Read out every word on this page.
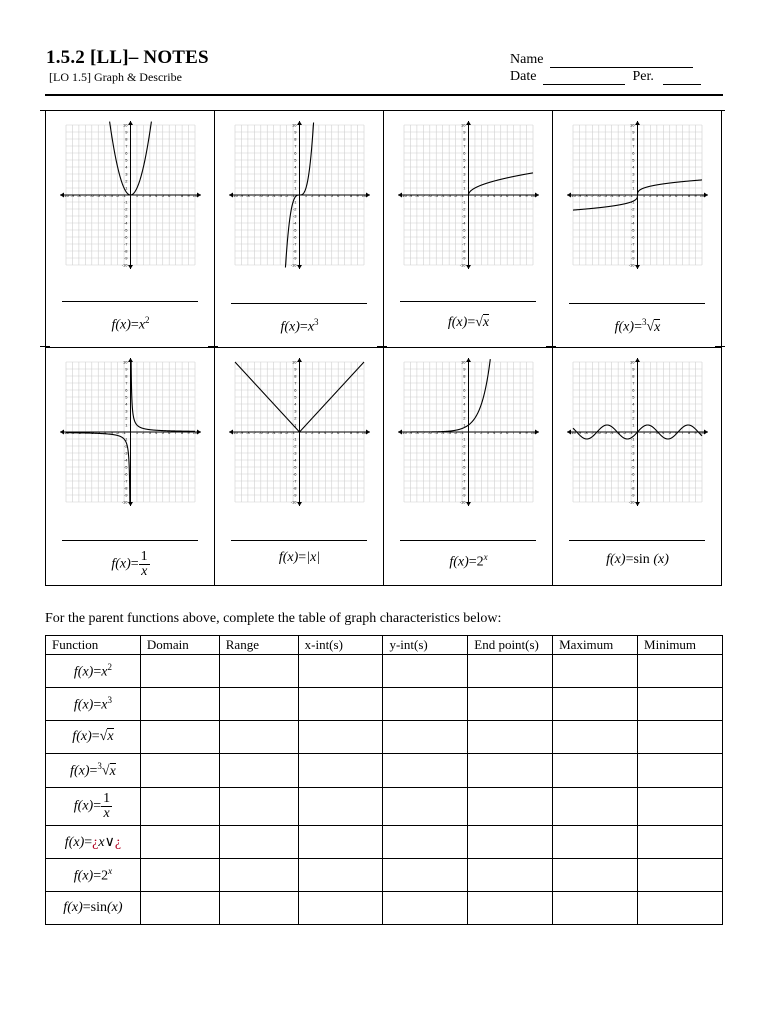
1.5.2 [LL]– NOTES
[LO 1.5] Graph & Describe
Name
Date	Per.
-10
-10
-9
-9
-8
-8
-7
-7
-6
-6
-5
-5
-4
-4
-3
-3
-2
-2
-1
-1
1
1
2
2
3
3
4
4
5
5
6
6
7
7
8
8
9
9
10
10
$f(x)=x^2$
-10
-10
-9
-9
-8
-8
-7
-7
-6
-6
-5
-5
-4
-4
-3
-3
-2
-2
-1
-1
1
1
2
2
3
3
4
4
5
5
6
6
7
7
8
8
9
9
10
10
$f(x)=x^3$
-10
-10
-9
-9
-8
-8
-7
-7
-6
-6
-5
-5
-4
-4
-3
-3
-2
-2
-1
-1
1
1
2
2
3
3
4
4
5
5
6
6
7
7
8
8
9
9
10
10
f(x)=√x
-10
-10
-9
-9
-8
-8
-7
-7
-6
-6
-5
-5
-4
-4
-3
-3
-2
-2
-1
-1
1
1
2
2
3
3
4
4
5
5
6
6
7
7
8
8
9
9
10
10
f(x)=$^3$√x
-10
-10
-9
-9
-8
-8
-7
-7
-6
-6
-5
-5
-4
-4
-3
-3
-2
-2
-1
-1
1
1
2
2
3
3
4
4
5
5
6
6
7
7
8
8
9
9
10
10
$f(x)= \frac{1}{x}$
-10
-10
-9
-9
-8
-8
-7
-7
-6
-6
-5
-5
-4
-4
-3
-3
-2
-2
-1
-1
1
1
2
2
3
3
4
4
5
5
6
6
7
7
8
8
9
9
10
10
f(x)=|x|
-10
-10
-9
-9
-8
-8
-7
-7
-6
-6
-5
-5
-4
-4
-3
-3
-2
-2
-1
-1
1
1
2
2
3
3
4
4
5
5
6
6
7
7
8
8
9
9
10
10
$f(x)=2^x$
-10
-10
-9
-9
-8
-8
-7
-7
-6
-6
-5
-5
-4
-4
-3
-3
-2
-2
-1
-1
1
1
2
2
3
3
4
4
5
5
6
6
7
7
8
8
9
9
10
10
f(x)=sin (x)
For the parent functions above, complete the table of graph characteristics below:
Function	Domain	Range	x-int(s)	y-int(s)	End point(s)	Maximum	Minimum
$f(x)=x^2$							
$f(x)=x^3$							
f(x)=√x							
f(x)=$^3$√x							
$f(x)= \frac{1}{x}$

f(x)=¿x∨¿							
$f(x)=2^x$							
f(x)=sin(x)							
